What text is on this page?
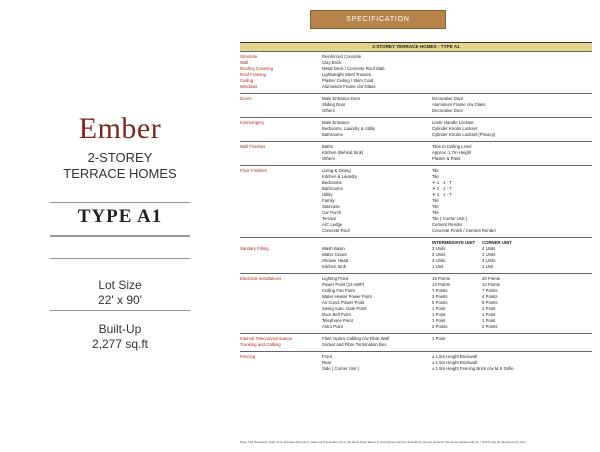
Ember
2-STOREY
TERRACE HOMES
TYPE A1
Lot Size
22' x 90'
Built-Up
2,277 sq.ft
SPECIFICATION
2-STOREY TERRACE HOMES - TYPE A1
Structure	Reinforced Concrete
Wall	Clay Brick
Roofing Covering	Metal Deck / Concrete Roof Slab
Roof Framing	Lightweight Steel Trusses
Ceiling	Plaster Ceiling / Skim Coat
Windows	Aluminium Frame c/w Glass
Doors	Main Entrance Door	Decorative Door
Sliding Door	Aluminium Frame c/w Glass
Others	Decorative Door
Ironmongery	Main Entrance	Lever Handle Lockset
Bedrooms, Laundry & Utility	Cylinder Knobs Lockset
Bathrooms	Cylinder Knobs Lockset (Privacy)
Wall Finishes	Baths	Tiles to Ceiling Level
Kitchen (Behind Sink)	Approx. 1.7m Height
Others	Plaster & Paint
Floor Finishes	Living & Dining	Tile
Kitchen & Laundry	Tile
Bedrooms	✶ 1 · 1 · T
Bathrooms	✶ 1 · 1 · T
Utility	✶ 1 · 1 · T
Family	Tile
Staircase	Tile
Car Porch	Tile
Terrace	Tile ( Corner Unit )
A/C Ledge	Cement Render
Concrete Roof	Concrete Finish / Cement Render
INTERMEDIATE UNIT CORNER UNIT
Sanitary Fitting	Wash Basin	3 Units	4 Units
Water Closet	3 Units	4 Units
Shower Head	3 Units	4 Units
Kitchen Sink	1 Unit	1 Unit
Electrical Installations	Lighting Point	19 Points	20 Points
Power Point (13 AMP)	13 Points	13 Points
Ceiling Fan Point	7 Points	7 Points
Water Heater Power Point	3 Points	4 Points
Air Cond. Power Point	5 Points	5 Points
Swing Auto. Gate Point	1 Point	1 Point
Door Bell Point	1 Point	1 Point
Telephone Point	1 Point	1 Point
Astro Point	2 Points	2 Points
Internal Telecommunication	Fibre Optics Cabling c/w Fibre Wall	1 Point
Trunking and Cabling	Socket and Fibre Termination Box
Fencing	Front	± 1.5m Height Brickwall
Rear	± 1.5m Height Brickwall
Side ( Corner Unit )	± 1.5m Height Fencing Brick c/w M.S Grille
Note: The Developer shall, at its absolute discretion, make such amendments to the items listed above in accordance with the description set out below for the items marked with an * which may be altered at any time.
